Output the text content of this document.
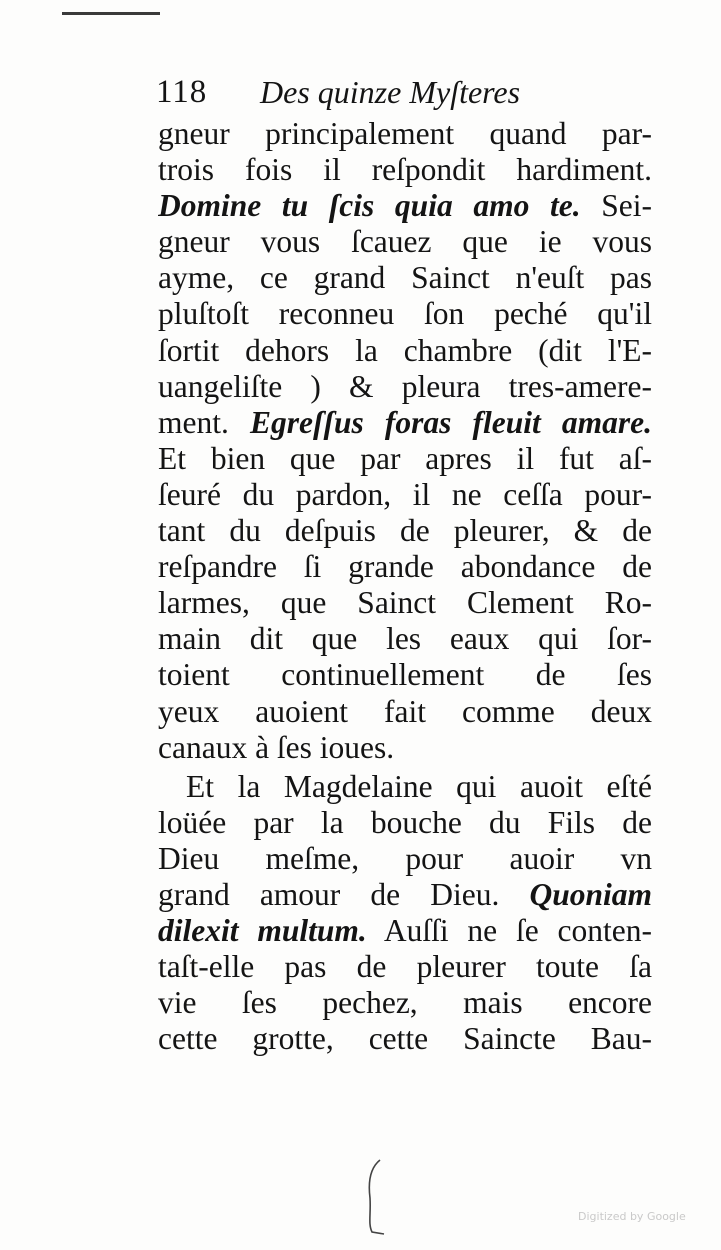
118 Des quinze Myſteres
gneur principalement quand par-
trois fois il reſpondit hardiment.
Domine tu ſcis quia amo te. Sei-
gneur vous ſcauez que ie vous
ayme, ce grand Sainct n'euſt pas
pluſtoſt reconneu ſon peché qu'il
ſortit dehors la chambre (dit l'E-
uangeliſte ) & pleura tres-amere-
ment. Egreſſus foras fleuit amare.
Et bien que par apres il fut aſ-
ſeuré du pardon, il ne ceſſa pour-
tant du deſpuis de pleurer, & de
reſpandre ſi grande abondance de
larmes, que Sainct Clement Ro-
main dit que les eaux qui ſor-
toient continuellement de ſes
yeux auoient fait comme deux
canaux à ſes ioues.
Et la Magdelaine qui auoit eſté
loüée par la bouche du Fils de
Dieu meſme, pour auoir vn
grand amour de Dieu. Quoniam
dilexit multum. Auſſi ne ſe conten-
taſt-elle pas de pleurer toute ſa
vie ſes pechez, mais encore
cette grotte, cette Saincte Bau-
Digitized by Google
